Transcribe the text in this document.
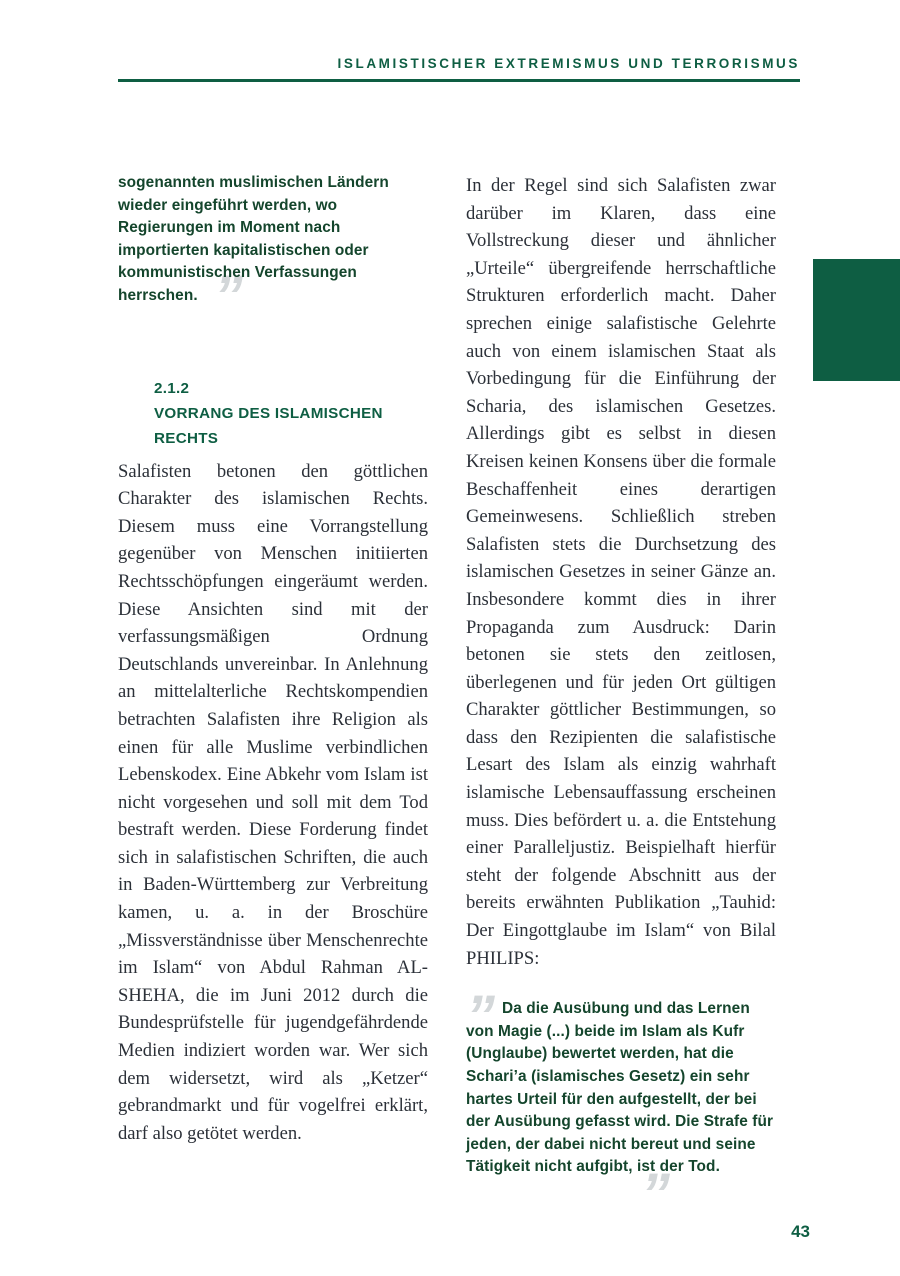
ISLAMISTISCHER EXTREMISMUS UND TERRORISMUS
”

sogenannten muslimischen Ländern wieder eingeführt werden, wo Regierungen im Moment nach importierten kapitalistischen oder kommunistischen Verfassungen herrschen.

2.1.2
VORRANG DES ISLAMISCHEN RECHTS

Salafisten betonen den göttlichen Charakter des islamischen Rechts. Diesem muss eine Vorrangstellung gegenüber von Menschen initiierten Rechtsschöpfungen eingeräumt werden. Diese Ansichten sind mit der verfassungsmäßigen Ordnung Deutschlands unvereinbar. In Anlehnung an mittelalterliche Rechtskompendien betrachten Salafisten ihre Religion als einen für alle Muslime verbindlichen Lebenskodex. Eine Abkehr vom Islam ist nicht vorgesehen und soll mit dem Tod bestraft werden. Diese Forderung findet sich in salafistischen Schriften, die auch in Baden-Württemberg zur Verbreitung kamen, u. a. in der Broschüre „Missverständnisse über Menschenrechte im Islam“ von Abdul Rahman AL-SHEHA, die im Juni 2012 durch die Bundesprüfstelle für jugendgefährdende Medien indiziert worden war. Wer sich dem widersetzt, wird als „Ketzer“ gebrandmarkt und für vogelfrei erklärt, darf also getötet werden.

In der Regel sind sich Salafisten zwar darüber im Klaren, dass eine Vollstreckung dieser und ähnlicher „Urteile“ übergreifende herrschaftliche Strukturen erforderlich macht. Daher sprechen einige salafistische Gelehrte auch von einem islamischen Staat als Vorbedingung für die Einführung der Scharia, des islamischen Gesetzes. Allerdings gibt es selbst in diesen Kreisen keinen Konsens über die formale Beschaffenheit eines derartigen Gemeinwesens. Schließlich streben Salafisten stets die Durchsetzung des islamischen Gesetzes in seiner Gänze an. Insbesondere kommt dies in ihrer Propaganda zum Ausdruck: Darin betonen sie stets den zeitlosen, überlegenen und für jeden Ort gültigen Charakter göttlicher Bestimmungen, so dass den Rezipienten die salafistische Lesart des Islam als einzig wahrhaft islamische Lebensauffassung erscheinen muss. Dies befördert u. a. die Entstehung einer Paralleljustiz. Beispielhaft hierfür steht der folgende Abschnitt aus der bereits erwähnten Publikation „Tauhid: Der Eingottglaube im Islam“ von Bilal PHILIPS:

”
”

Da die Ausübung und das Lernen von Magie (...) beide im Islam als Kufr (Unglaube) bewertet werden, hat die Schari’a (islamisches Gesetz) ein sehr hartes Urteil für den aufgestellt, der bei der Ausübung gefasst wird. Die Strafe für jeden, der dabei nicht bereut und seine Tätigkeit nicht aufgibt, ist der Tod.

43
